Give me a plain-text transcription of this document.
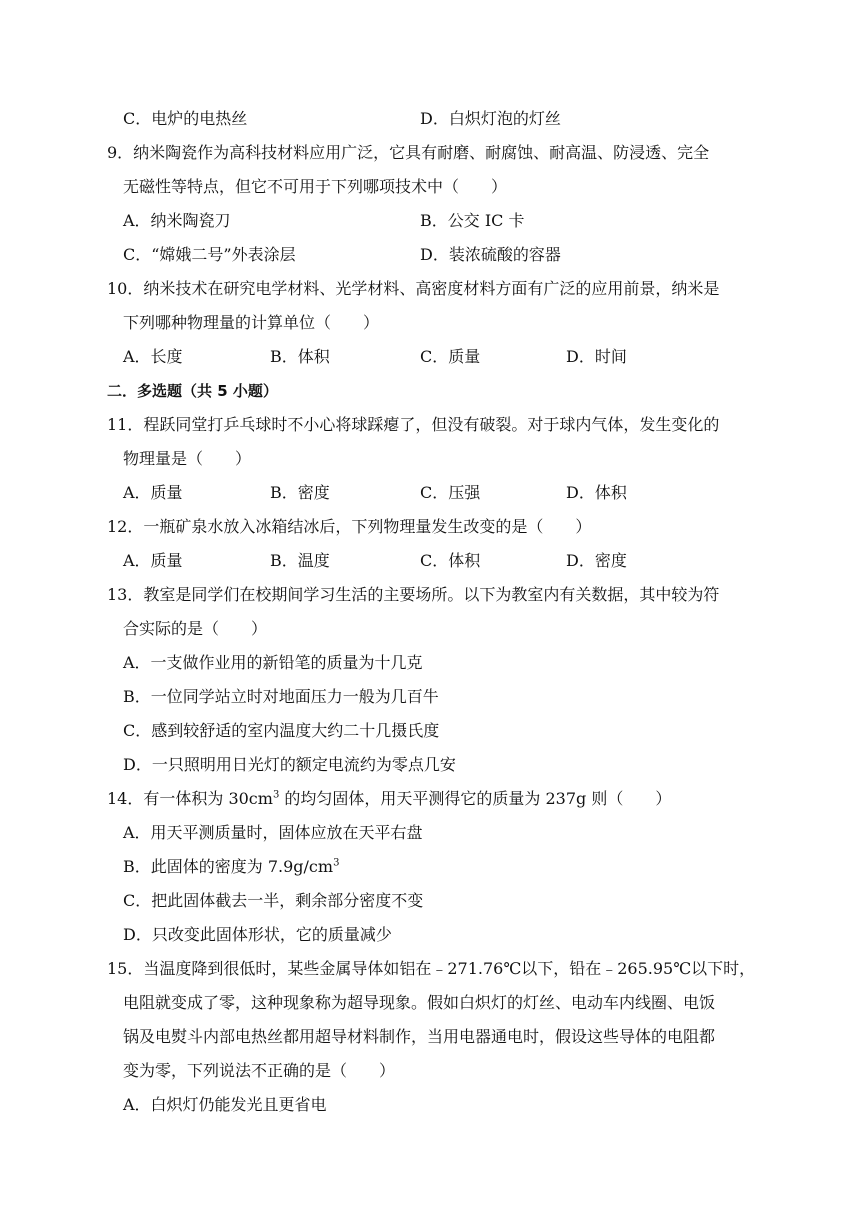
C．电炉的电热丝	D．白炽灯泡的灯丝
9．纳米陶瓷作为高科技材料应用广泛，它具有耐磨、耐腐蚀、耐高温、防浸透、完全
无磁性等特点，但它不可用于下列哪项技术中（　　）
A．纳米陶瓷刀	B．公交 IC 卡
C．“嫦娥二号”外表涂层	D．装浓硫酸的容器
10．纳米技术在研究电学材料、光学材料、高密度材料方面有广泛的应用前景，纳米是
下列哪种物理量的计算单位（　　）
A．长度	B．体积	C．质量	D．时间
二．多选题（共 5 小题）
11．程跃同堂打乒乓球时不小心将球踩瘪了，但没有破裂。对于球内气体，发生变化的
物理量是（　　）
A．质量	B．密度	C．压强	D．体积
12．一瓶矿泉水放入冰箱结冰后，下列物理量发生改变的是（　　）
A．质量	B．温度	C．体积	D．密度
13．教室是同学们在校期间学习生活的主要场所。以下为教室内有关数据，其中较为符
合实际的是（　　）
A．一支做作业用的新铅笔的质量为十几克
B．一位同学站立时对地面压力一般为几百牛
C．感到较舒适的室内温度大约二十几摄氏度
D．一只照明用日光灯的额定电流约为零点几安
14．有一体积为 $30cm^3$ 的均匀固体，用天平测得它的质量为 237g 则（　　）
A．用天平测质量时，固体应放在天平右盘
B．此固体的密度为 $7.9g/cm^3$
C．把此固体截去一半，剩余部分密度不变
D．只改变此固体形状，它的质量减少
15．当温度降到很低时，某些金属导体如铝在﹣271.76℃以下，铅在﹣265.95℃以下时，
电阻就变成了零，这种现象称为超导现象。假如白炽灯的灯丝、电动车内线圈、电饭
锅及电熨斗内部电热丝都用超导材料制作，当用电器通电时，假设这些导体的电阻都
变为零，下列说法不正确的是（　　）
A．白炽灯仍能发光且更省电
